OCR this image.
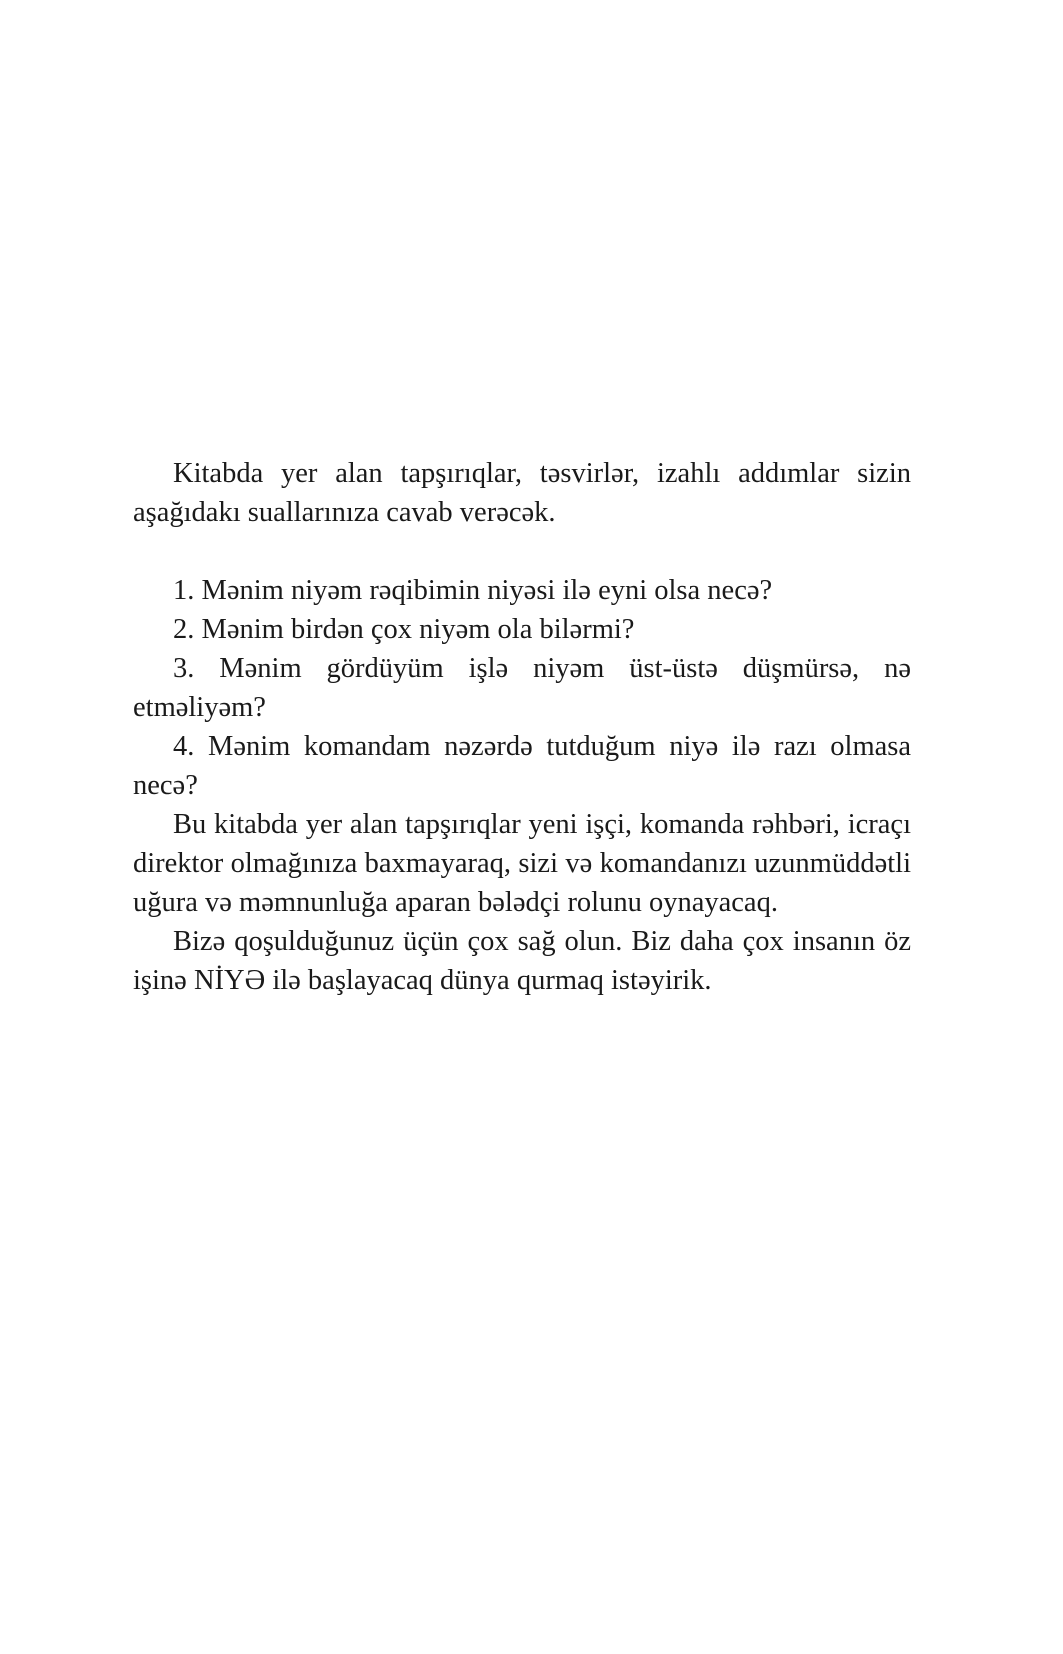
Kitabda yer alan tapşırıqlar, təsvirlər, izahlı addımlar sizin aşağıdakı suallarınıza cavab verəcək.

1. Mənim niyəm rəqibimin niyəsi ilə eyni olsa necə?

2. Mənim birdən çox niyəm ola bilərmi?

3. Mənim gördüyüm işlə niyəm üst-üstə düşmürsə, nə etməliyəm?

4. Mənim komandam nəzərdə tutduğum niyə ilə razı olmasa necə?

Bu kitabda yer alan tapşırıqlar yeni işçi, komanda rəhbəri, icraçı direktor olmağınıza baxmayaraq, sizi və komandanızı uzunmüddətli uğura və məmnunluğa aparan bələdçi rolunu oynayacaq.

Bizə qoşulduğunuz üçün çox sağ olun. Biz daha çox insanın öz işinə NİYƏ ilə başlayacaq dünya qurmaq istəyirik.
